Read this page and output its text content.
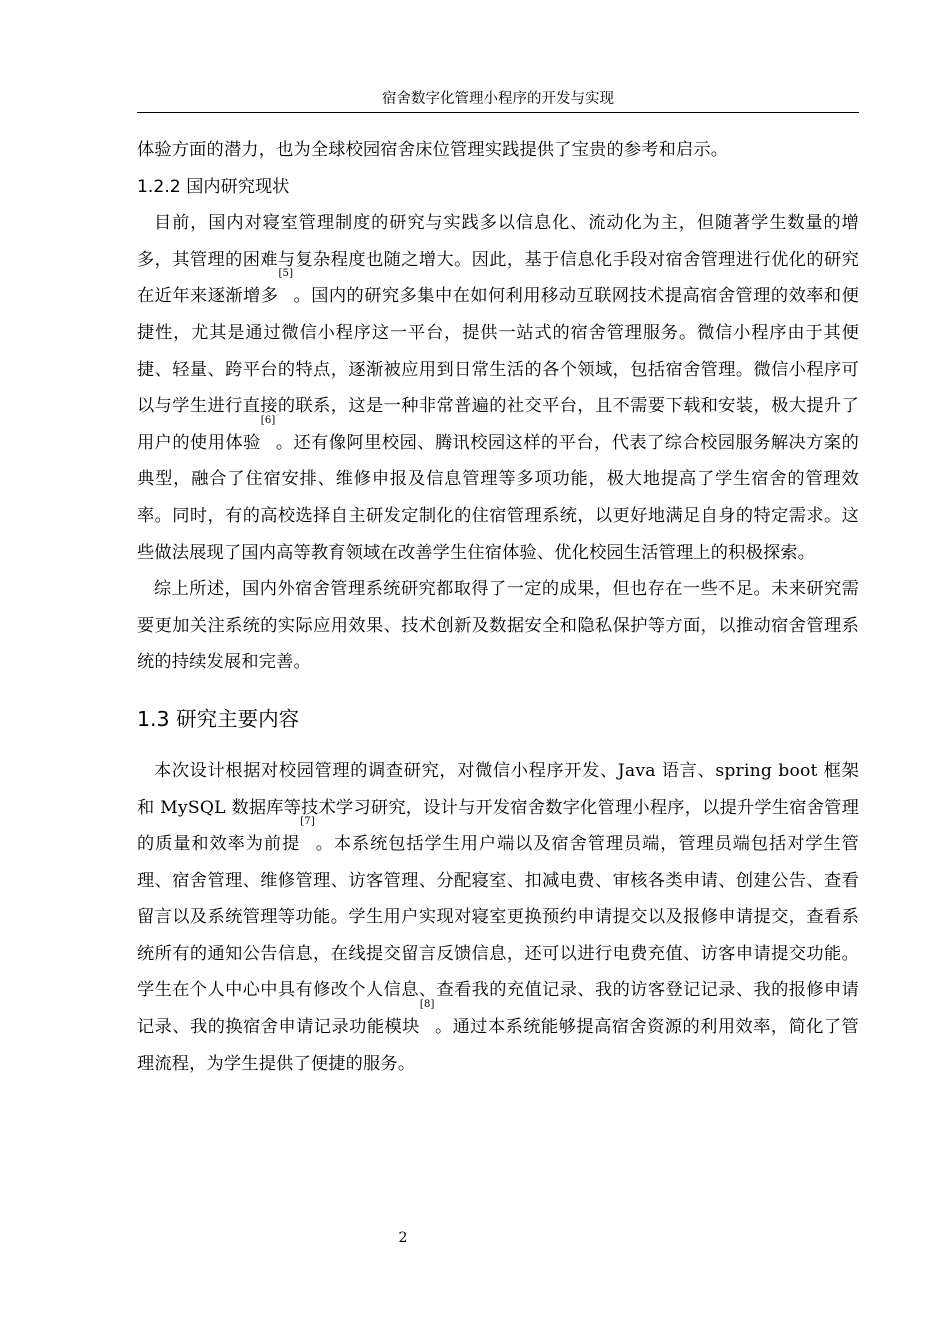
宿舍数字化管理小程序的开发与实现

体验方面的潜力，也为全球校园宿舍床位管理实践提供了宝贵的参考和启示。

1.2.2 国内研究现状

目前，国内对寝室管理制度的研究与实践多以信息化、流动化为主，但随著学生数量的增多，其管理的困难与复杂程度也随之增大。因此，基于信息化手段对宿舍管理进行优化的研究在近年来逐渐增多[5]。国内的研究多集中在如何利用移动互联网技术提高宿舍管理的效率和便捷性，尤其是通过微信小程序这一平台，提供一站式的宿舍管理服务。微信小程序由于其便捷、轻量、跨平台的特点，逐渐被应用到日常生活的各个领域，包括宿舍管理。微信小程序可以与学生进行直接的联系，这是一种非常普遍的社交平台，且不需要下载和安装，极大提升了用户的使用体验[6]。还有像阿里校园、腾讯校园这样的平台，代表了综合校园服务解决方案的典型，融合了住宿安排、维修申报及信息管理等多项功能，极大地提高了学生宿舍的管理效率。同时，有的高校选择自主研发定制化的住宿管理系统，以更好地满足自身的特定需求。这些做法展现了国内高等教育领域在改善学生住宿体验、优化校园生活管理上的积极探索。

综上所述，国内外宿舍管理系统研究都取得了一定的成果，但也存在一些不足。未来研究需要更加关注系统的实际应用效果、技术创新及数据安全和隐私保护等方面，以推动宿舍管理系统的持续发展和完善。

1.3 研究主要内容

本次设计根据对校园管理的调查研究，对微信小程序开发、Java 语言、spring boot 框架和 MySQL 数据库等技术学习研究，设计与开发宿舍数字化管理小程序，以提升学生宿舍管理的质量和效率为前提[7]。本系统包括学生用户端以及宿舍管理员端，管理员端包括对学生管理、宿舍管理、维修管理、访客管理、分配寝室、扣减电费、审核各类申请、创建公告、查看留言以及系统管理等功能。学生用户实现对寝室更换预约申请提交以及报修申请提交，查看系统所有的通知公告信息，在线提交留言反馈信息，还可以进行电费充值、访客申请提交功能。学生在个人中心中具有修改个人信息、查看我的充值记录、我的访客登记记录、我的报修申请记录、我的换宿舍申请记录功能模块[8]。通过本系统能够提高宿舍资源的利用效率，简化了管理流程，为学生提供了便捷的服务。

2
